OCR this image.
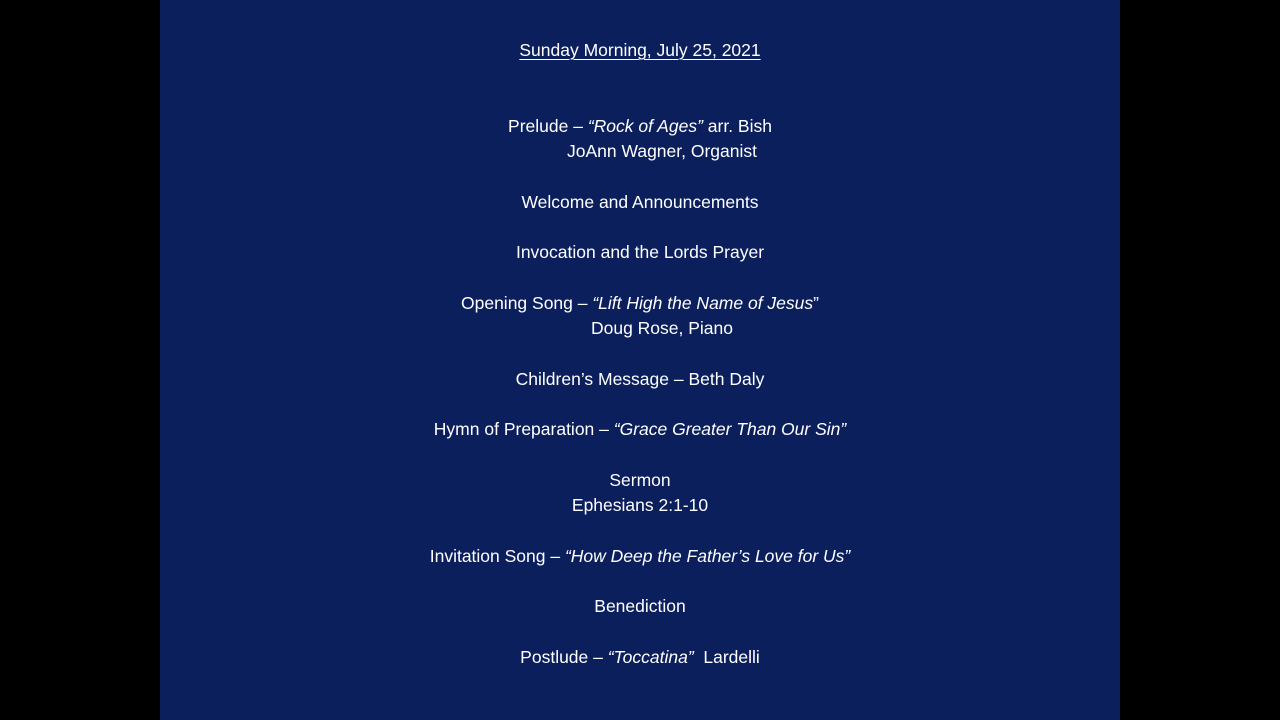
Sunday Morning, July 25, 2021
Prelude – “Rock of Ages” arr. Bish
JoAnn Wagner, Organist
Welcome and Announcements
Invocation and the Lords Prayer
Opening Song – “Lift High the Name of Jesus”
Doug Rose, Piano
Children’s Message – Beth Daly
Hymn of Preparation – “Grace Greater Than Our Sin”
Sermon
Ephesians 2:1-10
Invitation Song – “How Deep the Father’s Love for Us”
Benediction
Postlude – “Toccatina”  Lardelli
